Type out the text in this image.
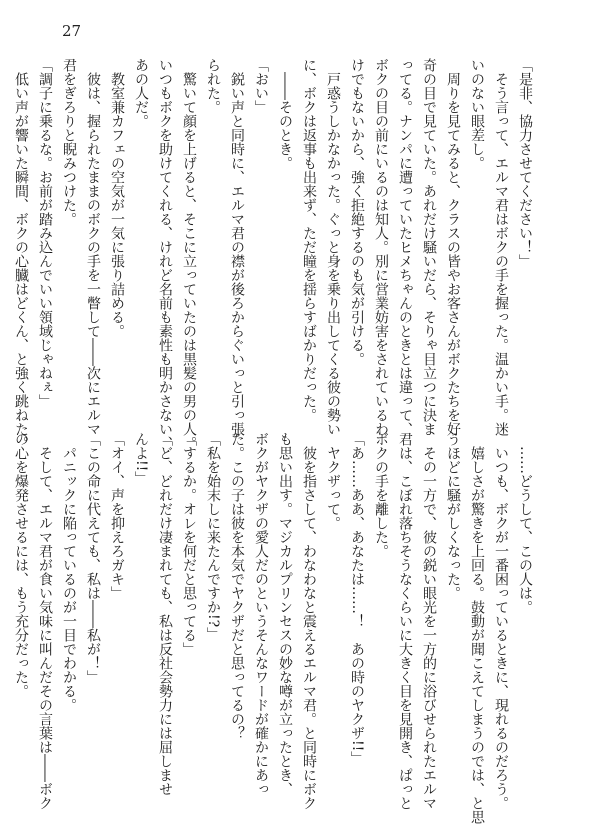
27
「是非、協力させてください！」
　そう言って、エルマ君はボクの手を握った。温かい手。迷
いのない眼差し。
　周りを見てみると、クラスの皆やお客さんがボクたちを好
奇の目で見ていた。あれだけ騒いだら、そりゃ目立つに決ま
ってる。ナンパに遭っていたヒメちゃんのときとは違って、
ボクの目の前にいるのは知人。別に営業妨害をされているわ
けでもないから、強く拒絶するのも気が引ける。
　戸惑うしかなかった。ぐっと身を乗り出してくる彼の勢い
に、ボクは返事も出来ず、ただ瞳を揺らすばかりだった。
　――そのとき。
「おい」
　鋭い声と同時に、エルマ君の襟が後ろからぐいっと引っ張
られた。
　驚いて顔を上げると、そこに立っていたのは黒髪の男の人。
いつもボクを助けてくれる、けれど名前も素性も明かさない、
あの人だ。
　教室兼カフェの空気が一気に張り詰める。
　彼は、握られたままのボクの手を一瞥して――次にエルマ
君をぎろりと睨みつけた。
「調子に乗るな。お前が踏み込んでいい領域じゃねぇ」
　低い声が響いた瞬間、ボクの心臓はどくん、と強く跳ねた。
　……どうして、この人は。
　いつも、ボクが一番困っているときに、現れるのだろう。
　嬉しさが驚きを上回る。鼓動が聞こえてしまうのでは、と思
うほどに騒がしくなった。
　その一方で、彼の鋭い眼光を一方的に浴びせられたエルマ
君は、こぼれ落ちそうなくらいに大きく目を見開き、ぱっと
ボクの手を離した。
「あ……ああ、あなたは……！　あの時のヤクザ!!」
　ヤクザって。
　彼を指さして、わなわなと震えるエルマ君。と同時にボク
も思い出す。マジカルプリンセスの妙な噂が立ったとき、
ボクがヤクザの愛人だのというそんなワードが確かにあっ
た。この子は彼を本気でヤクザだと思ってるの？
「私を始末しに来たんですか!?」
「するか。オレを何だと思ってる」
「ど、どれだけ凄まれても、私は反社会勢力には屈しませ
んよ!!」
「オイ、声を抑えろガキ」
「この命に代えても、私は――私が！」
　パニックに陥っているのが一目でわかる。
　そして、エルマ君が食い気味に叫んだその言葉は――ボク
の心を爆発させるには、もう充分だった。
